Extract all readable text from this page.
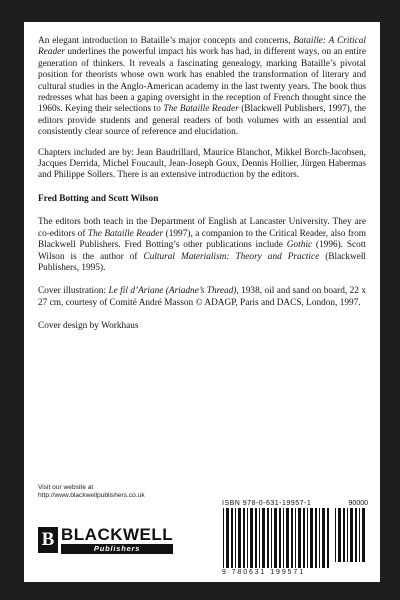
An elegant introduction to Bataille’s major concepts and concerns, Bataille: A Critical Reader underlines the powerful impact his work has had, in different ways, on an entire generation of thinkers. It reveals a fascinating genealogy, marking Bataille’s pivotal position for theorists whose own work has enabled the transformation of literary and cultural studies in the Anglo-American academy in the last twenty years. The book thus redresses what has been a gaping oversight in the reception of French thought since the 1960s. Keying their selections to The Bataille Reader (Blackwell Publishers, 1997), the editors provide students and general readers of both volumes with an essential and consistently clear source of reference and elucidation.

Chapters included are by: Jean Baudrillard, Maurice Blanchot, Mikkel Borch-Jacobsen, Jacques Derrida, Michel Foucault, Jean-Joseph Goux, Dennis Hollier, Jürgen Habermas and Philippe Sollers. There is an extensive introduction by the editors.

Fred Botting and Scott Wilson

The editors both teach in the Department of English at Lancaster University. They are co-editors of The Bataille Reader (1997), a companion to the Critical Reader, also from Blackwell Publishers. Fred Botting’s other publications include Gothic (1996). Scott Wilson is the author of Cultural Materialism: Theory and Practice (Blackwell Publishers, 1995).

Cover illustration: Le fil d’Ariane (Ariadne’s Thread), 1938, oil and sand on board, 22 x 27 cm, courtesy of Comité André Masson © ADAGP, Paris and DACS, London, 1997.

Cover design by Workhaus

Visit our website at
http://www.blackwellpublishers.co.uk
B BLACKWELL
Publishers
ISBN 978-0-631-19957-1	90000
9 780631 199571
